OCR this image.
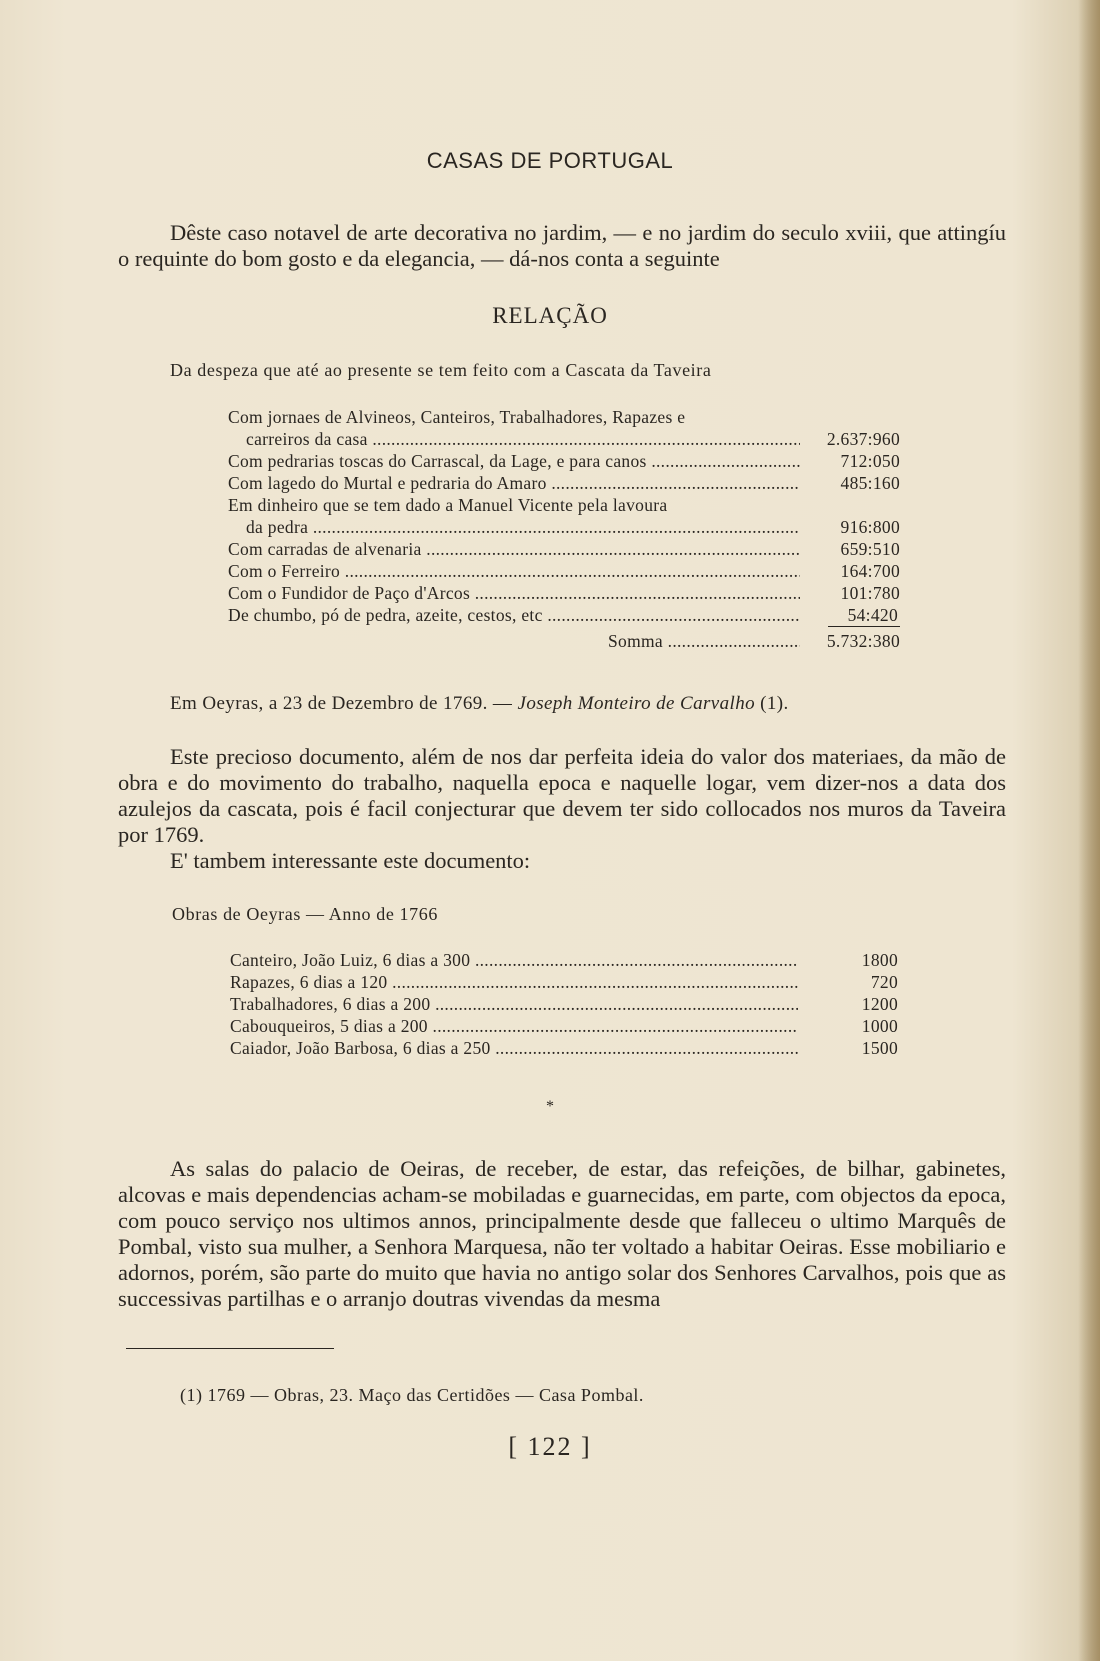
CASAS DE PORTUGAL
Dêste caso notavel de arte decorativa no jardim, — e no jardim do seculo xviii, que attingíu o requinte do bom gosto e da elegancia, — dá-nos conta a seguinte
RELAÇÃO
Da despeza que até ao presente se tem feito com a Cascata da Taveira
Com jornaes de Alvineos, Canteiros, Trabalhadores, Rapazes e
carreiros da casa .....	2.637:960
Com pedrarias toscas do Carrascal, da Lage, e para canos .....	712:050
Com lagedo do Murtal e pedraria do Amaro .....	485:160
Em dinheiro que se tem dado a Manuel Vicente pela lavoura
da pedra .....	916:800
Com carradas de alvenaria .....	659:510
Com o Ferreiro .....	164:700
Com o Fundidor de Paço d'Arcos .....	101:780
De chumbo, pó de pedra, azeite, cestos, etc .....	54:420
Somma .....	5.732:380
Em Oeyras, a 23 de Dezembro de 1769. — Joseph Monteiro de Carvalho (1).
Este precioso documento, além de nos dar perfeita ideia do valor dos materiaes, da mão de obra e do movimento do trabalho, naquella epoca e naquelle logar, vem dizer-nos a data dos azulejos da cascata, pois é facil conjecturar que devem ter sido collocados nos muros da Taveira por 1769.
E' tambem interessante este documento:
Obras de Oeyras — Anno de 1766
Canteiro, João Luiz, 6 dias a 300 .....	1800
Rapazes, 6 dias a 120 .....	720
Trabalhadores, 6 dias a 200 .....	1200
Cabouqueiros, 5 dias a 200 .....	1000
Caiador, João Barbosa, 6 dias a 250 .....	1500
*
As salas do palacio de Oeiras, de receber, de estar, das refeições, de bilhar, gabinetes, alcovas e mais dependencias acham-se mobiladas e guarnecidas, em parte, com objectos da epoca, com pouco serviço nos ultimos annos, principalmente desde que falleceu o ultimo Marquês de Pombal, visto sua mulher, a Senhora Marquesa, não ter voltado a habitar Oeiras. Esse mobiliario e adornos, porém, são parte do muito que havia no antigo solar dos Senhores Carvalhos, pois que as successivas partilhas e o arranjo doutras vivendas da mesma
(1) 1769 — Obras, 23. Maço das Certidões — Casa Pombal.
[ 122 ]
